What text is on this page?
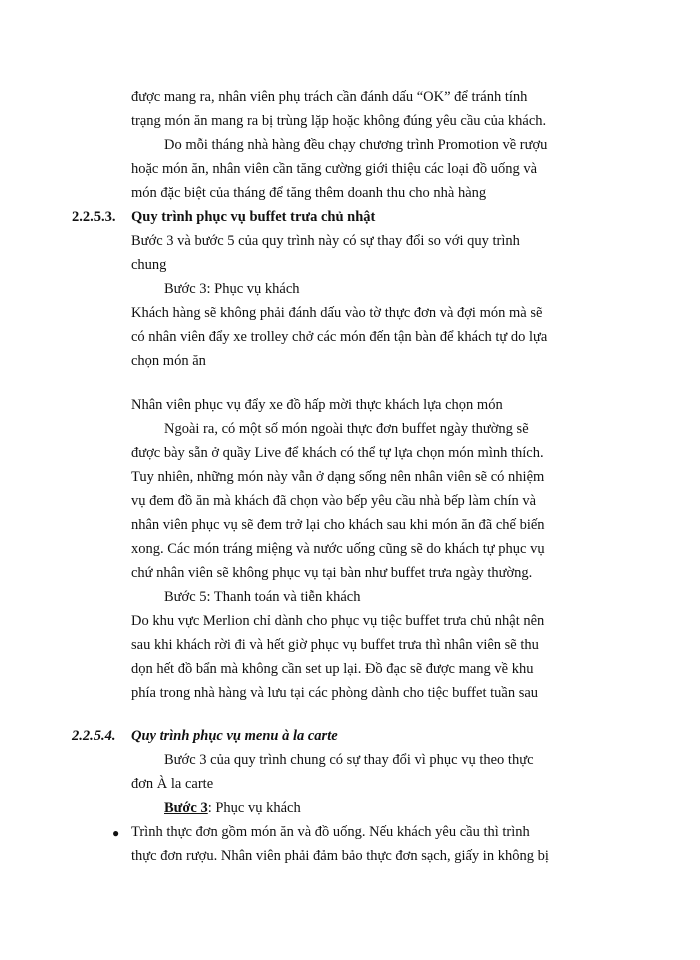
được mang ra, nhân viên phụ trách cần đánh dấu “OK” để tránh tính
trạng món ăn mang ra bị trùng lặp hoặc không đúng yêu cầu của khách.
Do mỗi tháng nhà hàng đều chạy chương trình Promotion về rượu
hoặc món ăn, nhân viên cần tăng cường giới thiệu các loại đồ uống và
món đặc biệt của tháng để tăng thêm doanh thu cho nhà hàng
2.2.5.3. Quy trình phục vụ buffet trưa chủ nhật
Bước 3 và bước 5 của quy trình này có sự thay đổi so với quy trình
chung
Bước 3: Phục vụ khách
Khách hàng sẽ không phải đánh dấu vào tờ thực đơn và đợi món mà sẽ
có nhân viên đẩy xe trolley chở các món đến tận bàn để khách tự do lựa
chọn món ăn
Nhân viên phục vụ đẩy xe đồ hấp mời thực khách lựa chọn món
Ngoài ra, có một số món ngoài thực đơn buffet ngày thường sẽ
được bày sẵn ở quầy Live để khách có thể tự lựa chọn món mình thích.
Tuy nhiên, những món này vẫn ở dạng sống nên nhân viên sẽ có nhiệm
vụ đem đồ ăn mà khách đã chọn vào bếp yêu cầu nhà bếp làm chín và
nhân viên phục vụ sẽ đem trở lại cho khách sau khi món ăn đã chế biến
xong. Các món tráng miệng và nước uống cũng sẽ do khách tự phục vụ
chứ nhân viên sẽ không phục vụ tại bàn như buffet trưa ngày thường.
Bước 5: Thanh toán và tiễn khách
Do khu vực Merlion chỉ dành cho phục vụ tiệc buffet trưa chủ nhật nên
sau khi khách rời đi và hết giờ phục vụ buffet trưa thì nhân viên sẽ thu
dọn hết đồ bẩn mà không cần set up lại. Đồ đạc sẽ được mang về khu
phía trong nhà hàng và lưu tại các phòng dành cho tiệc buffet tuần sau
2.2.5.4. Quy trình phục vụ menu à la carte
Bước 3 của quy trình chung có sự thay đổi vì phục vụ theo thực
đơn À la carte
Bước 3: Phục vụ khách
● Trình thực đơn gồm món ăn và đồ uống. Nếu khách yêu cầu thì trình
thực đơn rượu. Nhân viên phải đảm bảo thực đơn sạch, giấy in không bị
